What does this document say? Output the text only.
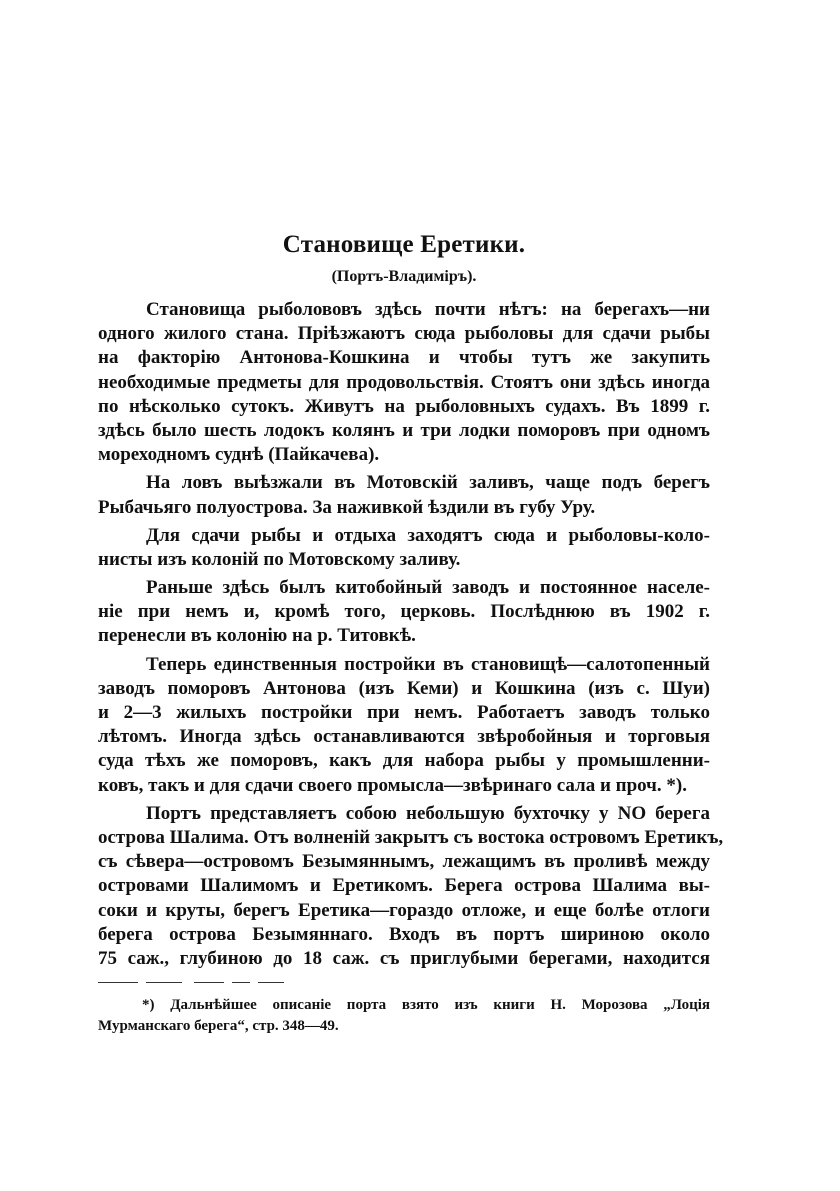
Становище Еретики.
(Портъ-Владиміръ).
Становища рыболововъ здѣсь почти нѣтъ: на берегахъ—ни
одного жилого стана. Пріѣзжаютъ сюда рыболовы для сдачи рыбы
на факторію Антонова-Кошкина и чтобы тутъ же закупить
необходимые предметы для продовольствія. Стоятъ они здѣсь иногда
по нѣсколько сутокъ. Живутъ на рыболовныхъ судахъ. Въ 1899 г.
здѣсь было шесть лодокъ колянъ и три лодки поморовъ при одномъ
мореходномъ суднѣ (Пайкачева).
На ловъ выѣзжали въ Мотовскій заливъ, чаще подъ берегъ
Рыбачьяго полуострова. За наживкой ѣздили въ губу Уру.
Для сдачи рыбы и отдыха заходятъ сюда и рыболовы-коло-
нисты изъ колоній по Мотовскому заливу.
Раньше здѣсь былъ китобойный заводъ и постоянное населе-
ніе при немъ и, кромѣ того, церковь. Послѣднюю въ 1902 г.
перенесли въ колонію на р. Титовкѣ.
Теперь единственныя постройки въ становищѣ—салотопенный
заводъ поморовъ Антонова (изъ Кеми) и Кошкина (изъ с. Шуи)
и 2—3 жилыхъ постройки при немъ. Работаетъ заводъ только
лѣтомъ. Иногда здѣсь останавливаются звѣробойныя и торговыя
суда тѣхъ же поморовъ, какъ для набора рыбы у промышленни-
ковъ, такъ и для сдачи своего промысла—звѣринаго сала и проч. *).
Портъ представляетъ собою небольшую бухточку у NO берега
острова Шалима. Отъ волненій закрытъ съ востока островомъ Еретикъ,
съ сѣвера—островомъ Безымяннымъ, лежащимъ въ проливѣ между
островами Шалимомъ и Еретикомъ. Берега острова Шалима вы-
соки и круты, берегъ Еретика—гораздо отложе, и еще болѣе отлоги
берега острова Безымяннаго. Входъ въ портъ шириною около
75 саж., глубиною до 18 саж. съ приглубыми берегами, находится
*) Дальнѣйшее описаніе порта взято изъ книги Н. Морозова „Лоція
Мурманскаго берега“, стр. 348—49.
